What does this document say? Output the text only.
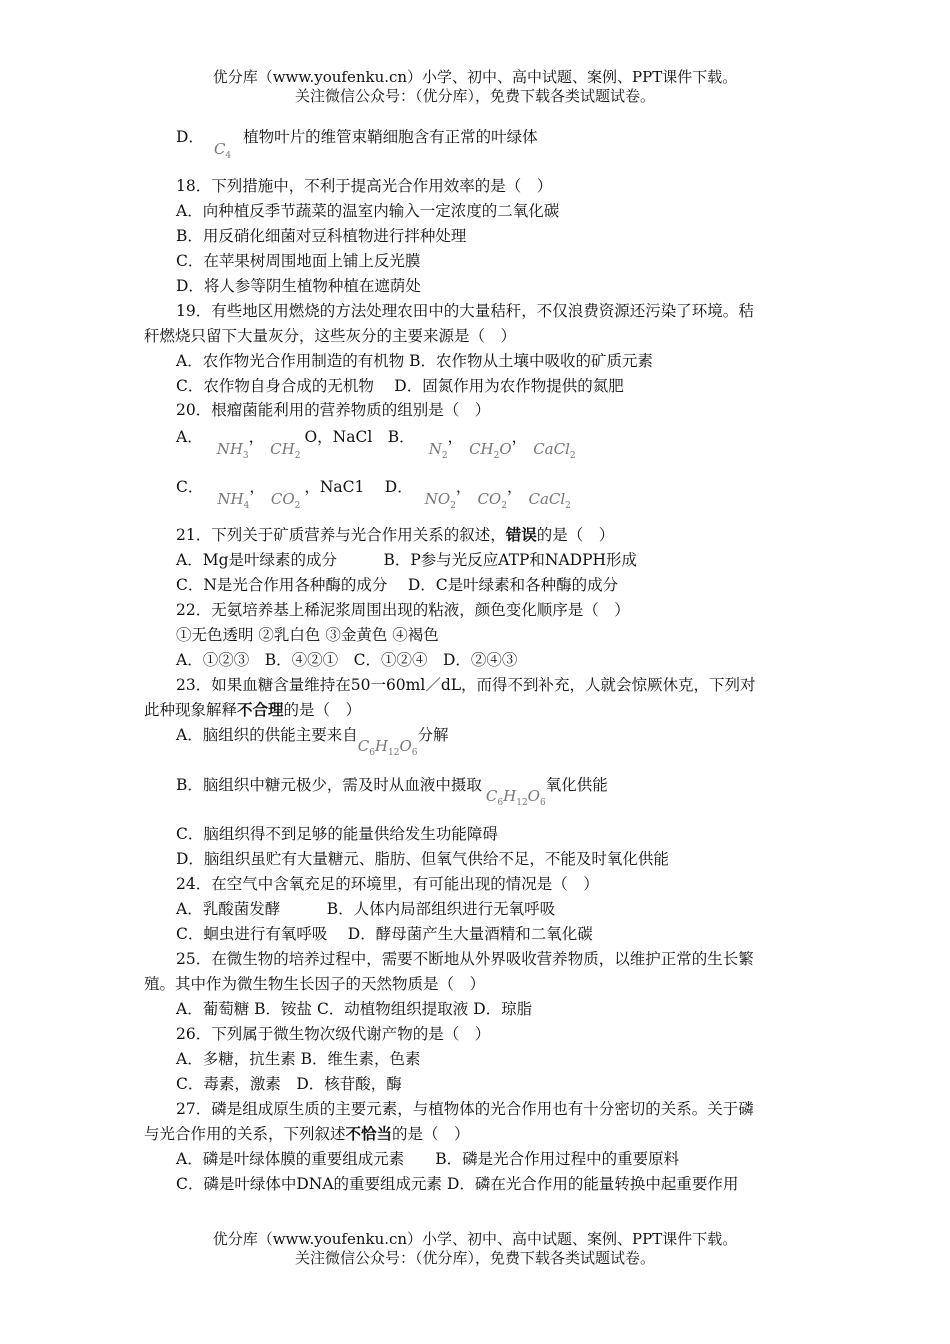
优分库（www.youfenku.cn）小学、初中、高中试题、案例、PPT课件下载。
关注微信公众号：（优分库），免费下载各类试题试卷。
D．$C_4$植物叶片的维管束鞘细胞含有正常的叶绿体
18．下列措施中，不利于提高光合作用效率的是（　）
A．向种植反季节蔬菜的温室内输入一定浓度的二氧化碳
B．用反硝化细菌对豆科植物进行拌种处理
C．在苹果树周围地面上铺上反光膜
D．将人参等阴生植物种植在遮荫处
19．有些地区用燃烧的方法处理农田中的大量秸秆，不仅浪费资源还污染了环境。秸
秆燃烧只留下大量灰分，这些灰分的主要来源是（　）
A．农作物光合作用制造的有机物 B．农作物从土壤中吸收的矿质元素
C．农作物自身合成的无机物　 D．固氮作用为农作物提供的氮肥
20．根瘤菌能利用的营养物质的组别是（　）
A．$NH_3$，$CH_2O$，NaCl　B．$N_2$，$CH_2O$，CaCl$_2$
C．$NH_4$，$CO_2$，NaC1　 D．$NO_2$，$CO_2$，CaCl$_2$
21．下列关于矿质营养与光合作用关系的叙述，错误的是（　）
A．Mg是叶绿素的成分　　　B．P参与光反应ATP和NADPH形成
C．N是光合作用各种酶的成分　 D．C是叶绿素和各种酶的成分
22．无氨培养基上稀泥浆周围出现的粘液，颜色变化顺序是（　）
①无色透明 ②乳白色 ③金黄色 ④褐色
A．①②③　B．④②①　C．①②④　D．②④③
23．如果血糖含量维持在50一60ml／dL，而得不到补充，人就会惊厥休克，下列对
此种现象解释不合理的是（　）
A．脑组织的供能主要来自$C_6H_{12}O_6$分解
B．脑组织中糖元极少，需及时从血液中摄取$C_6H_{12}O_6$氧化供能
C．脑组织得不到足够的能量供给发生功能障碍
D．脑组织虽贮有大量糖元、脂肪、但氧气供给不足，不能及时氧化供能
24．在空气中含氧充足的环境里，有可能出现的情况是（　）
A．乳酸菌发酵　　　B．人体内局部组织进行无氧呼吸
C．蛔虫进行有氧呼吸　 D．酵母菌产生大量酒精和二氧化碳
25．在微生物的培养过程中，需要不断地从外界吸收营养物质，以维护正常的生长繁
殖。其中作为微生物生长因子的天然物质是（　）
A．葡萄糖 B．铵盐 C．动植物组织提取液 D．琼脂
26．下列属于微生物次级代谢产物的是（　）
A．多糖，抗生素 B．维生素，色素
C．毒素，激素　D．核苷酸，酶
27．磷是组成原生质的主要元素，与植物体的光合作用也有十分密切的关系。关于磷
与光合作用的关系，下列叙述不恰当的是（　）
A．磷是叶绿体膜的重要组成元素　　B．磷是光合作用过程中的重要原料
C．磷是叶绿体中DNA的重要组成元素 D．磷在光合作用的能量转换中起重要作用
优分库（www.youfenku.cn）小学、初中、高中试题、案例、PPT课件下载。
关注微信公众号：（优分库），免费下载各类试题试卷。
